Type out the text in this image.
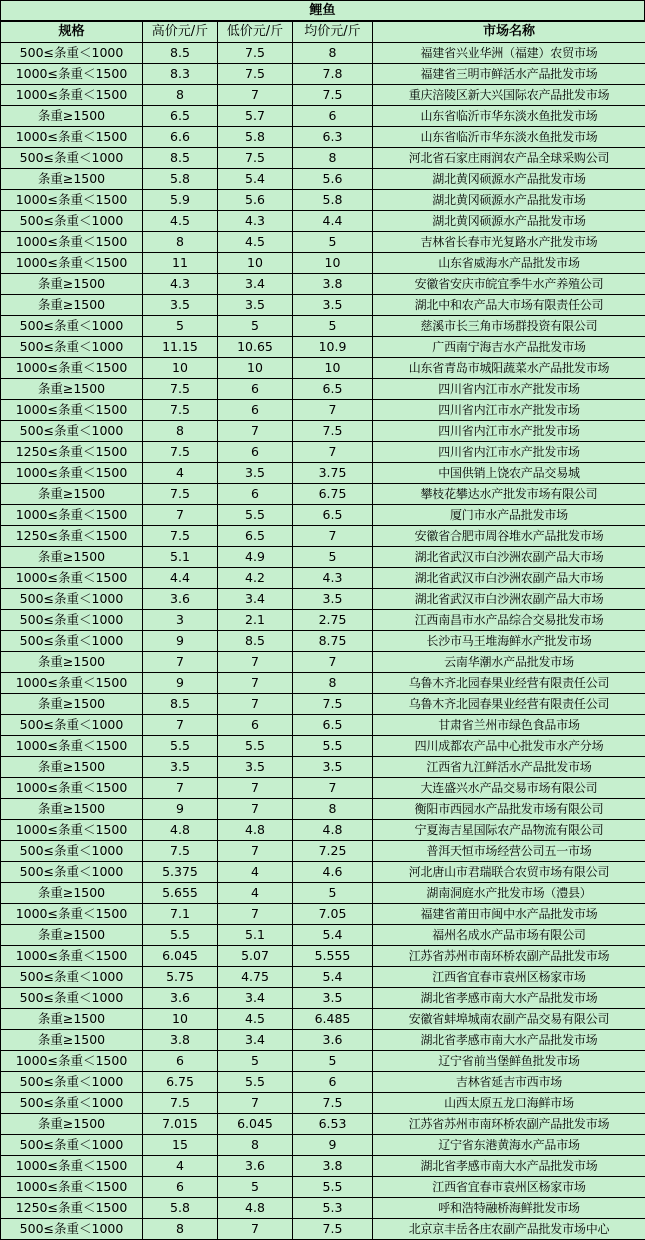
鲤鱼
规格	高价元/斤	低价元/斤	均价元/斤	市场名称
500≤条重＜1000	8.5	7.5	8	福建省兴业华洲（福建）农贸市场
1000≤条重＜1500	8.3	7.5	7.8	福建省三明市鲜活水产品批发市场
1000≤条重＜1500	8	7	7.5	重庆涪陵区新大兴国际农产品批发市场
条重≥1500	6.5	5.7	6	山东省临沂市华东淡水鱼批发市场
1000≤条重＜1500	6.6	5.8	6.3	山东省临沂市华东淡水鱼批发市场
500≤条重＜1000	8.5	7.5	8	河北省石家庄雨润农产品全球采购公司
条重≥1500	5.8	5.4	5.6	湖北黄冈硕源水产品批发市场
1000≤条重＜1500	5.9	5.6	5.8	湖北黄冈硕源水产品批发市场
500≤条重＜1000	4.5	4.3	4.4	湖北黄冈硕源水产品批发市场
1000≤条重＜1500	8	4.5	5	吉林省长春市光复路水产批发市场
1000≤条重＜1500	11	10	10	山东省威海水产品批发市场
条重≥1500	4.3	3.4	3.8	安徽省安庆市皖宜季牛水产养殖公司
条重≥1500	3.5	3.5	3.5	湖北中和农产品大市场有限责任公司
500≤条重＜1000	5	5	5	慈溪市长三角市场群投资有限公司
500≤条重＜1000	11.15	10.65	10.9	广西南宁海吉水产品批发市场
1000≤条重＜1500	10	10	10	山东省青岛市城阳蔬菜水产品批发市场
条重≥1500	7.5	6	6.5	四川省内江市水产批发市场
1000≤条重＜1500	7.5	6	7	四川省内江市水产批发市场
500≤条重＜1000	8	7	7.5	四川省内江市水产批发市场
1250≤条重＜1500	7.5	6	7	四川省内江市水产批发市场
1000≤条重＜1500	4	3.5	3.75	中国供销上饶农产品交易城
条重≥1500	7.5	6	6.75	攀枝花攀达水产批发市场有限公司
1000≤条重＜1500	7	5.5	6.5	厦门市水产品批发市场
1250≤条重＜1500	7.5	6.5	7	安徽省合肥市周谷堆水产品批发市场
条重≥1500	5.1	4.9	5	湖北省武汉市白沙洲农副产品大市场
1000≤条重＜1500	4.4	4.2	4.3	湖北省武汉市白沙洲农副产品大市场
500≤条重＜1000	3.6	3.4	3.5	湖北省武汉市白沙洲农副产品大市场
500≤条重＜1000	3	2.1	2.75	江西南昌市水产品综合交易批发市场
500≤条重＜1000	9	8.5	8.75	长沙市马王堆海鲜水产批发市场
条重≥1500	7	7	7	云南华潮水产品批发市场
1000≤条重＜1500	9	7	8	乌鲁木齐北园春果业经营有限责任公司
条重≥1500	8.5	7	7.5	乌鲁木齐北园春果业经营有限责任公司
500≤条重＜1000	7	6	6.5	甘肃省兰州市绿色食品市场
1000≤条重＜1500	5.5	5.5	5.5	四川成都农产品中心批发市水产分场
条重≥1500	3.5	3.5	3.5	江西省九江鲜活水产品批发市场
1000≤条重＜1500	7	7	7	大连盛兴水产品交易市场有限公司
条重≥1500	9	7	8	衡阳市西园水产品批发市场有限公司
1000≤条重＜1500	4.8	4.8	4.8	宁夏海吉星国际农产品物流有限公司
500≤条重＜1000	7.5	7	7.25	普洱天恒市场经营公司五一市场
500≤条重＜1000	5.375	4	4.6	河北唐山市君瑞联合农贸市场有限公司
条重≥1500	5.655	4	5	湖南洞庭水产批发市场（澧县）
1000≤条重＜1500	7.1	7	7.05	福建省莆田市闽中水产品批发市场
条重≥1500	5.5	5.1	5.4	福州名成水产品市场有限公司
1000≤条重＜1500	6.045	5.07	5.555	江苏省苏州市南环桥农副产品批发市场
500≤条重＜1000	5.75	4.75	5.4	江西省宜春市袁州区杨家市场
500≤条重＜1000	3.6	3.4	3.5	湖北省孝感市南大水产品批发市场
条重≥1500	10	4.5	6.485	安徽省蚌埠城南农副产品交易有限公司
条重≥1500	3.8	3.4	3.6	湖北省孝感市南大水产品批发市场
1000≤条重＜1500	6	5	5	辽宁省前当堡鲜鱼批发市场
500≤条重＜1000	6.75	5.5	6	吉林省延吉市西市场
500≤条重＜1000	7.5	7	7.5	山西太原五龙口海鲜市场
条重≥1500	7.015	6.045	6.53	江苏省苏州市南环桥农副产品批发市场
500≤条重＜1000	15	8	9	辽宁省东港黄海水产品市场
1000≤条重＜1500	4	3.6	3.8	湖北省孝感市南大水产品批发市场
1000≤条重＜1500	6	5	5.5	江西省宜春市袁州区杨家市场
1250≤条重＜1500	5.8	4.8	5.3	呼和浩特融桥海鲜批发市场
500≤条重＜1000	8	7	7.5	北京京丰岳各庄农副产品批发市场中心
